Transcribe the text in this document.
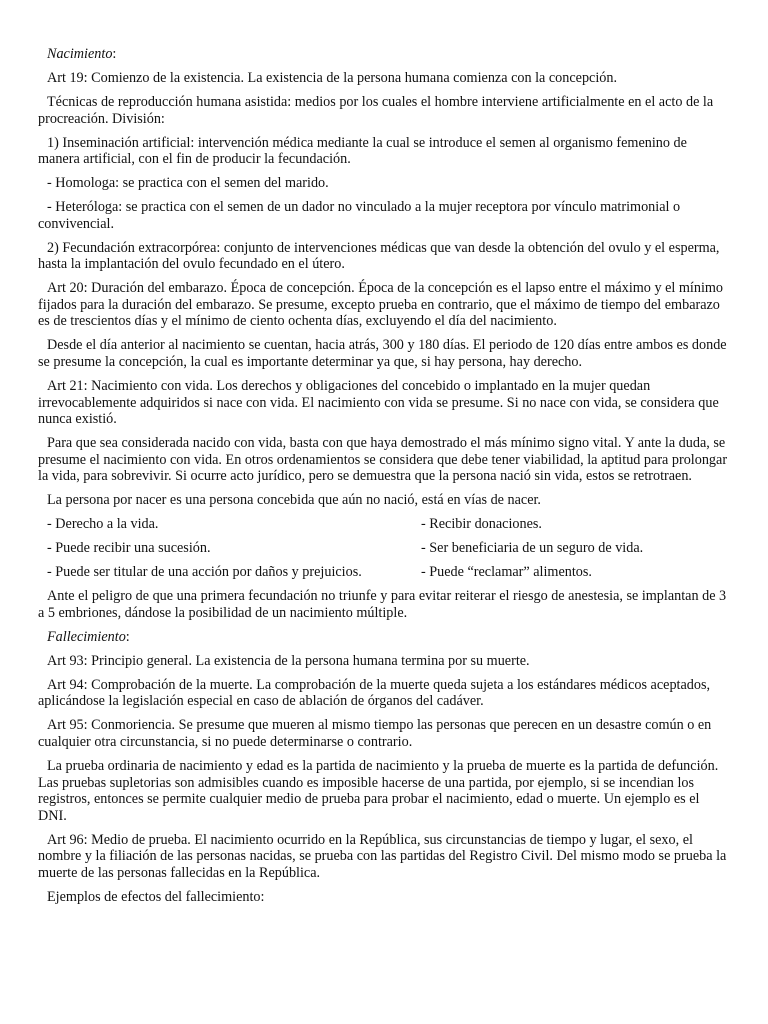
Nacimiento:

Art 19: Comienzo de la existencia. La existencia de la persona humana comienza con la concepción.

Técnicas de reproducción humana asistida: medios por los cuales el hombre interviene artificialmente en el acto de la procreación. División:

1) Inseminación artificial: intervención médica mediante la cual se introduce el semen al organismo femenino de manera artificial, con el fin de producir la fecundación.

- Homologa: se practica con el semen del marido.

- Heteróloga: se practica con el semen de un dador no vinculado a la mujer receptora por vínculo matrimonial o convivencial.

2) Fecundación extracorpórea: conjunto de intervenciones médicas que van desde la obtención del ovulo y el esperma, hasta la implantación del ovulo fecundado en el útero.

Art 20: Duración del embarazo. Época de concepción. Época de la concepción es el lapso entre el máximo y el mínimo fijados para la duración del embarazo. Se presume, excepto prueba en contrario, que el máximo de tiempo del embarazo es de trescientos días y el mínimo de ciento ochenta días, excluyendo el día del nacimiento.

Desde el día anterior al nacimiento se cuentan, hacia atrás, 300 y 180 días. El periodo de 120 días entre ambos es donde se presume la concepción, la cual es importante determinar ya que, si hay persona, hay derecho.

Art 21: Nacimiento con vida. Los derechos y obligaciones del concebido o implantado en la mujer quedan irrevocablemente adquiridos si nace con vida. El nacimiento con vida se presume. Si no nace con vida, se considera que nunca existió.

Para que sea considerada nacido con vida, basta con que haya demostrado el más mínimo signo vital. Y ante la duda, se presume el nacimiento con vida. En otros ordenamientos se considera que debe tener viabilidad, la aptitud para prolongar la vida, para sobrevivir. Si ocurre acto jurídico, pero se demuestra que la persona nació sin vida, estos se retrotraen.

La persona por nacer es una persona concebida que aún no nació, está en vías de nacer.

- Derecho a la vida.	- Recibir donaciones.
- Puede recibir una sucesión.	- Ser beneficiaria de un seguro de vida.
- Puede ser titular de una acción por daños y prejuicios.	- Puede “reclamar” alimentos.

Ante el peligro de que una primera fecundación no triunfe y para evitar reiterar el riesgo de anestesia, se implantan de 3 a 5 embriones, dándose la posibilidad de un nacimiento múltiple.

Fallecimiento:

Art 93: Principio general. La existencia de la persona humana termina por su muerte.

Art 94: Comprobación de la muerte. La comprobación de la muerte queda sujeta a los estándares médicos aceptados, aplicándose la legislación especial en caso de ablación de órganos del cadáver.

Art 95: Conmoriencia. Se presume que mueren al mismo tiempo las personas que perecen en un desastre común o en cualquier otra circunstancia, si no puede determinarse o contrario.

La prueba ordinaria de nacimiento y edad es la partida de nacimiento y la prueba de muerte es la partida de defunción. Las pruebas supletorias son admisibles cuando es imposible hacerse de una partida, por ejemplo, si se incendian los registros, entonces se permite cualquier medio de prueba para probar el nacimiento, edad o muerte. Un ejemplo es el DNI.

Art 96: Medio de prueba. El nacimiento ocurrido en la República, sus circunstancias de tiempo y lugar, el sexo, el nombre y la filiación de las personas nacidas, se prueba con las partidas del Registro Civil. Del mismo modo se prueba la muerte de las personas fallecidas en la República.

Ejemplos de efectos del fallecimiento:
